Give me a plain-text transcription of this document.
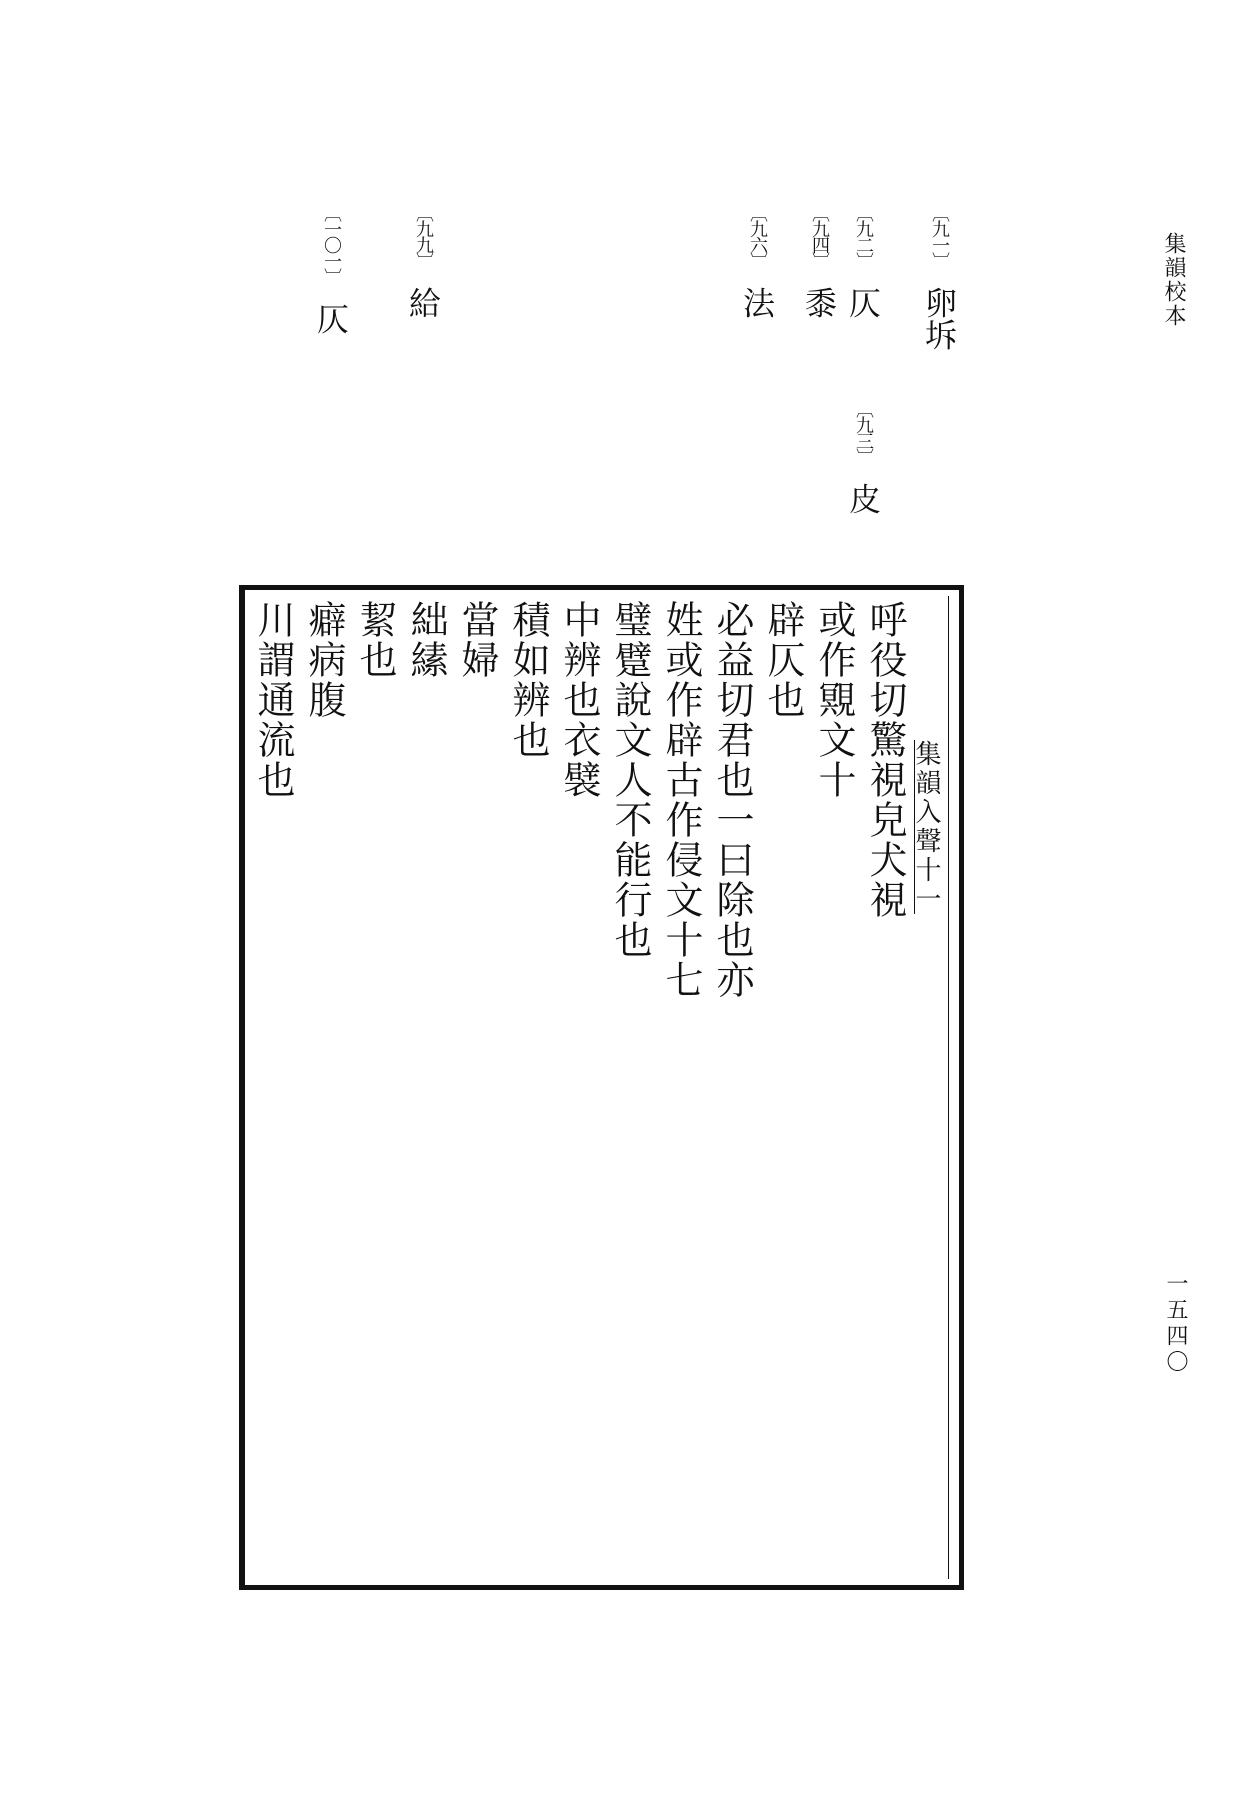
集韻校本
一五四〇
〔九一〕 卵坼
〔九二〕 仄
〔九三〕 皮
〔九四〕 黍
〔九六〕 法
〔九九〕 給
〔一〇一〕 仄
集韻入聲十一
呼役切驚視皃犬視
或作覭文十
辟仄也
必益切君也一曰除也亦
姓或作辟古作侵文十七
璧躄說文人不能行也
中辨也衣襞
積如辨也
當婦
絀縤
絜也
癖病腹
川謂通流也
